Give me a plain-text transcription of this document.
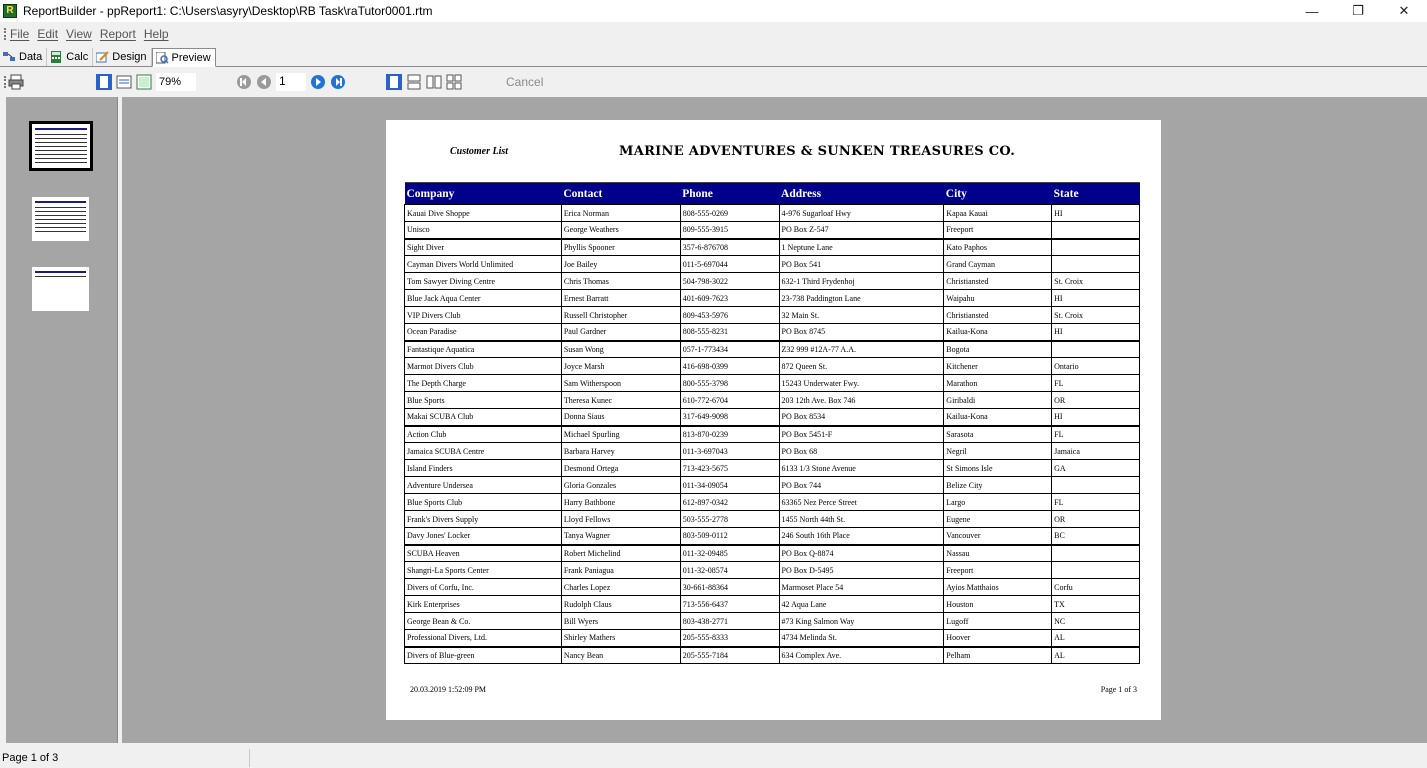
R ReportBuilder - ppReport1: C:\Users\asyry\Desktop\RB Task\raTutor0001.rtm	—	❐	✕
File Edit View Report Help
Data Calc Design Preview
79%	1	Cancel
Customer List	MARINE ADVENTURES & SUNKEN TREASURES CO.
Company	Contact	Phone	Address	City	State
Kauai Dive Shoppe	Erica Norman	808-555-0269	4-976 Sugarloaf Hwy	Kapaa Kauai	HI
Unisco	George Weathers	809-555-3915	PO Box Z-547	Freeport	
Sight Diver	Phyllis Spooner	357-6-876708	1 Neptune Lane	Kato Paphos	
Cayman Divers World Unlimited	Joe Bailey	011-5-697044	PO Box 541	Grand Cayman	
Tom Sawyer Diving Centre	Chris Thomas	504-798-3022	632-1 Third Frydenhoj	Christiansted	St. Croix
Blue Jack Aqua Center	Ernest Barratt	401-609-7623	23-738 Paddington Lane	Waipahu	HI
VIP Divers Club	Russell Christopher	809-453-5976	32 Main St.	Christiansted	St. Croix
Ocean Paradise	Paul Gardner	808-555-8231	PO Box 8745	Kailua-Kona	HI
Fantastique Aquatica	Susan Wong	057-1-773434	Z32 999 #12A-77 A.A.	Bogota	
Marmot Divers Club	Joyce Marsh	416-698-0399	872 Queen St.	Kitchener	Ontario
The Depth Charge	Sam Witherspoon	800-555-3798	15243 Underwater Fwy.	Marathon	FL
Blue Sports	Theresa Kunec	610-772-6704	203 12th Ave. Box 746	Giribaldi	OR
Makai SCUBA Club	Donna Siaus	317-649-9098	PO Box 8534	Kailua-Kona	HI
Action Club	Michael Spurling	813-870-0239	PO Box 5451-F	Sarasota	FL
Jamaica SCUBA Centre	Barbara Harvey	011-3-697043	PO Box 68	Negril	Jamaica
Island Finders	Desmond Ortega	713-423-5675	6133 1/3 Stone Avenue	St Simons Isle	GA
Adventure Undersea	Gloria Gonzales	011-34-09054	PO Box 744	Belize City	
Blue Sports Club	Harry Bathbone	612-897-0342	63365 Nez Perce Street	Largo	FL
Frank's Divers Supply	Lloyd Fellows	503-555-2778	1455 North 44th St.	Eugene	OR
Davy Jones' Locker	Tanya Wagner	803-509-0112	246 South 16th Place	Vancouver	BC
SCUBA Heaven	Robert Michelind	011-32-09485	PO Box Q-8874	Nassau	
Shangri-La Sports Center	Frank Paniagua	011-32-08574	PO Box D-5495	Freeport	
Divers of Corfu, Inc.	Charles Lopez	30-661-88364	Marmoset Place 54	Ayios Matthaios	Corfu
Kirk Enterprises	Rudolph Claus	713-556-6437	42 Aqua Lane	Houston	TX
George Bean & Co.	Bill Wyers	803-438-2771	#73 King Salmon Way	Lugoff	NC
Professional Divers, Ltd.	Shirley Mathers	205-555-8333	4734 Melinda St.	Hoover	AL
Divers of Blue-green	Nancy Bean	205-555-7184	634 Complex Ave.	Pelham	AL
20.03.2019 1:52:09 PM	Page 1 of 3
Page 1 of 3
